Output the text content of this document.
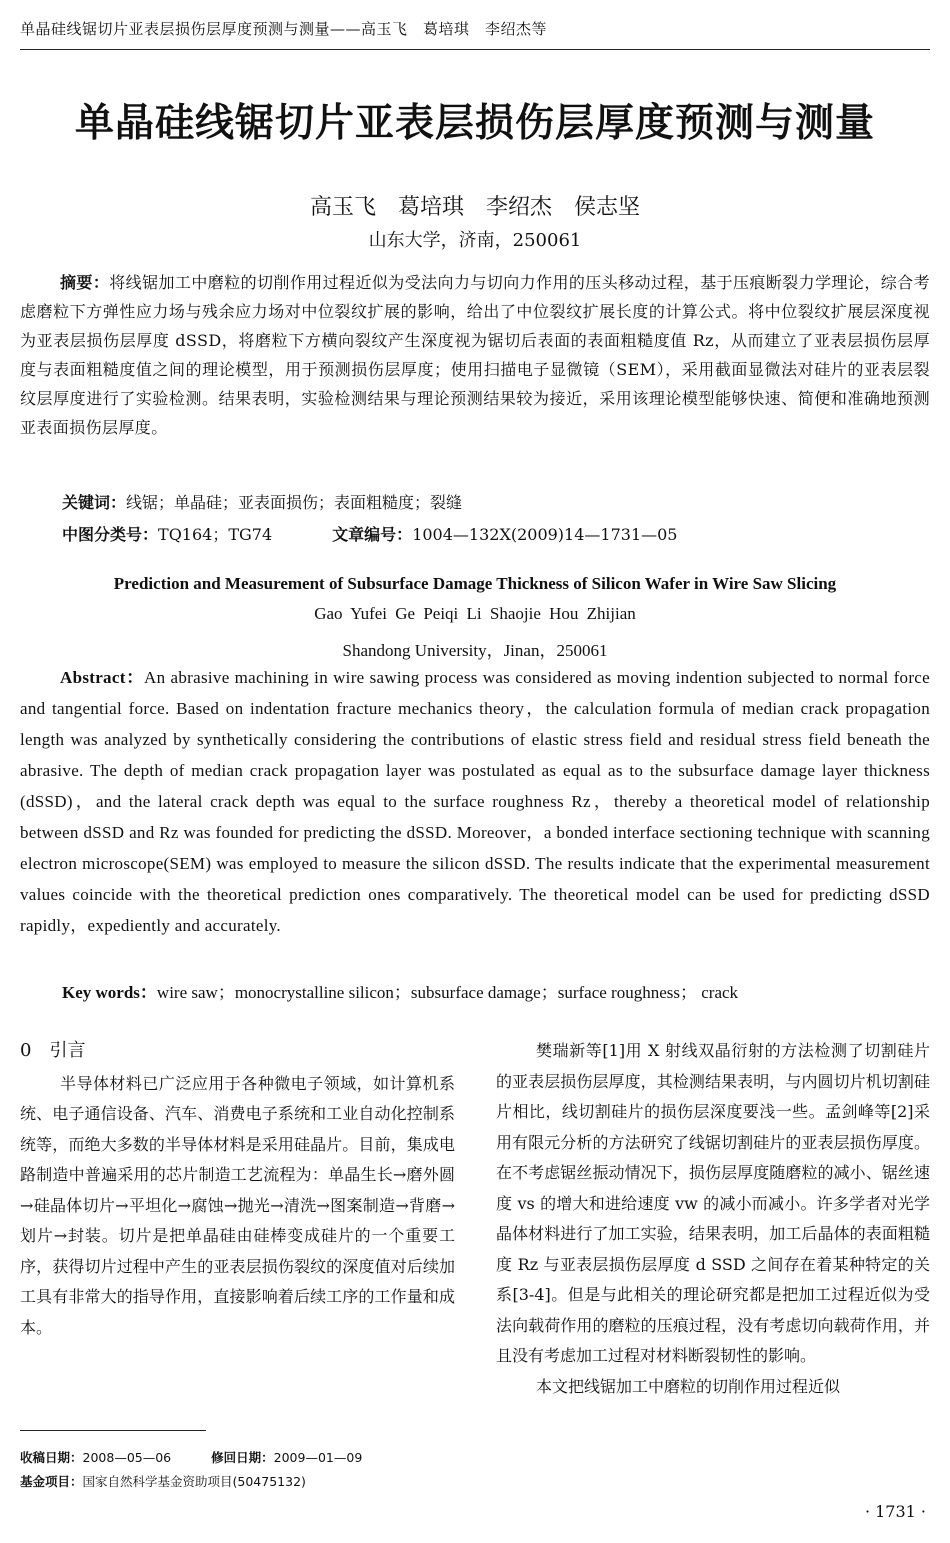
单晶硅线锯切片亚表层损伤层厚度预测与测量——高玉飞　葛培琪　李绍杰等
单晶硅线锯切片亚表层损伤层厚度预测与测量
高玉飞　葛培琪　李绍杰　侯志坚
山东大学，济南，250061
摘要：将线锯加工中磨粒的切削作用过程近似为受法向力与切向力作用的压头移动过程，基于压痕断裂力学理论，综合考虑磨粒下方弹性应力场与残余应力场对中位裂纹扩展的影响，给出了中位裂纹扩展长度的计算公式。将中位裂纹扩展层深度视为亚表层损伤层厚度 dSSD，将磨粒下方横向裂纹产生深度视为锯切后表面的表面粗糙度值 Rz，从而建立了亚表层损伤层厚度与表面粗糙度值之间的理论模型，用于预测损伤层厚度；使用扫描电子显微镜（SEM），采用截面显微法对硅片的亚表层裂纹层厚度进行了实验检测。结果表明，实验检测结果与理论预测结果较为接近，采用该理论模型能够快速、简便和准确地预测亚表面损伤层厚度。
关键词：线锯；单晶硅；亚表面损伤；表面粗糙度；裂缝
中图分类号：TQ164；TG74	文章编号：1004—132X(2009)14—1731—05
Prediction and Measurement of Subsurface Damage Thickness of Silicon Wafer in Wire Saw Slicing
Gao Yufei Ge Peiqi Li Shaojie Hou Zhijian
Shandong University，Jinan，250061
Abstract：An abrasive machining in wire sawing process was considered as moving indention subjected to normal force and tangential force. Based on indentation fracture mechanics theory，the calculation formula of median crack propagation length was analyzed by synthetically considering the contributions of elastic stress field and residual stress field beneath the abrasive. The depth of median crack propagation layer was postulated as equal as to the subsurface damage layer thickness (dSSD)，and the lateral crack depth was equal to the surface roughness Rz，thereby a theoretical model of relationship between dSSD and Rz was founded for predicting the dSSD. Moreover，a bonded interface sectioning technique with scanning electron microscope(SEM) was employed to measure the silicon dSSD. The results indicate that the experimental measurement values coincide with the theoretical prediction ones comparatively. The theoretical model can be used for predicting dSSD rapidly，expediently and accurately.
Key words：wire saw；monocrystalline silicon；subsurface damage；surface roughness； crack
0　引言
半导体材料已广泛应用于各种微电子领域，如计算机系统、电子通信设备、汽车、消费电子系统和工业自动化控制系统等，而绝大多数的半导体材料是采用硅晶片。目前，集成电路制造中普遍采用的芯片制造工艺流程为：单晶生长→磨外圆→硅晶体切片→平坦化→腐蚀→抛光→清洗→图案制造→背磨→划片→封装。切片是把单晶硅由硅棒变成硅片的一个重要工序，获得切片过程中产生的亚表层损伤裂纹的深度值对后续加工具有非常大的指导作用，直接影响着后续工序的工作量和成本。
樊瑞新等[1]用 X 射线双晶衍射的方法检测了切割硅片的亚表层损伤层厚度，其检测结果表明，与内圆切片机切割硅片相比，线切割硅片的损伤层深度要浅一些。孟剑峰等[2]采用有限元分析的方法研究了线锯切割硅片的亚表层损伤厚度。在不考虑锯丝振动情况下，损伤层厚度随磨粒的减小、锯丝速度 vs 的增大和进给速度 vw 的减小而减小。许多学者对光学晶体材料进行了加工实验，结果表明，加工后晶体的表面粗糙度 Rz 与亚表层损伤层厚度 d SSD 之间存在着某种特定的关系[3-4]。但是与此相关的理论研究都是把加工过程近似为受法向载荷作用的磨粒的压痕过程，没有考虑切向载荷作用，并且没有考虑加工过程对材料断裂韧性的影响。
本文把线锯加工中磨粒的切削作用过程近似
收稿日期：2008—05—06	修回日期：2009—01—09
基金项目：国家自然科学基金资助项目(50475132)
· 1731 ·
